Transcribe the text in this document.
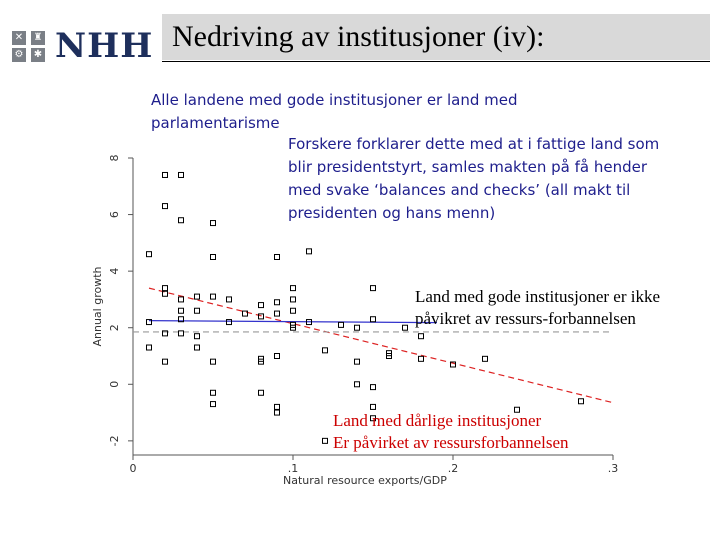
✕ ♜
⚙ ✱ NHH Nedriving av institusjoner (iv):
-2
0
2
4
6
8
0	.1	.2	.3
Natural resource exports/GDP
Annual growth
Alle landene med gode institusjoner er land med parlamentarisme
Forskere forklarer dette med at i fattige land som blir presidentstyrt, samles makten på få hender med svake ‘balances and checks’ (all makt til presidenten og hans menn)
Land med gode institusjoner er ikke påvikret av ressurs-forbannelsen
Land med dårlige institusjoner
Er påvirket av ressursforbannelsen
